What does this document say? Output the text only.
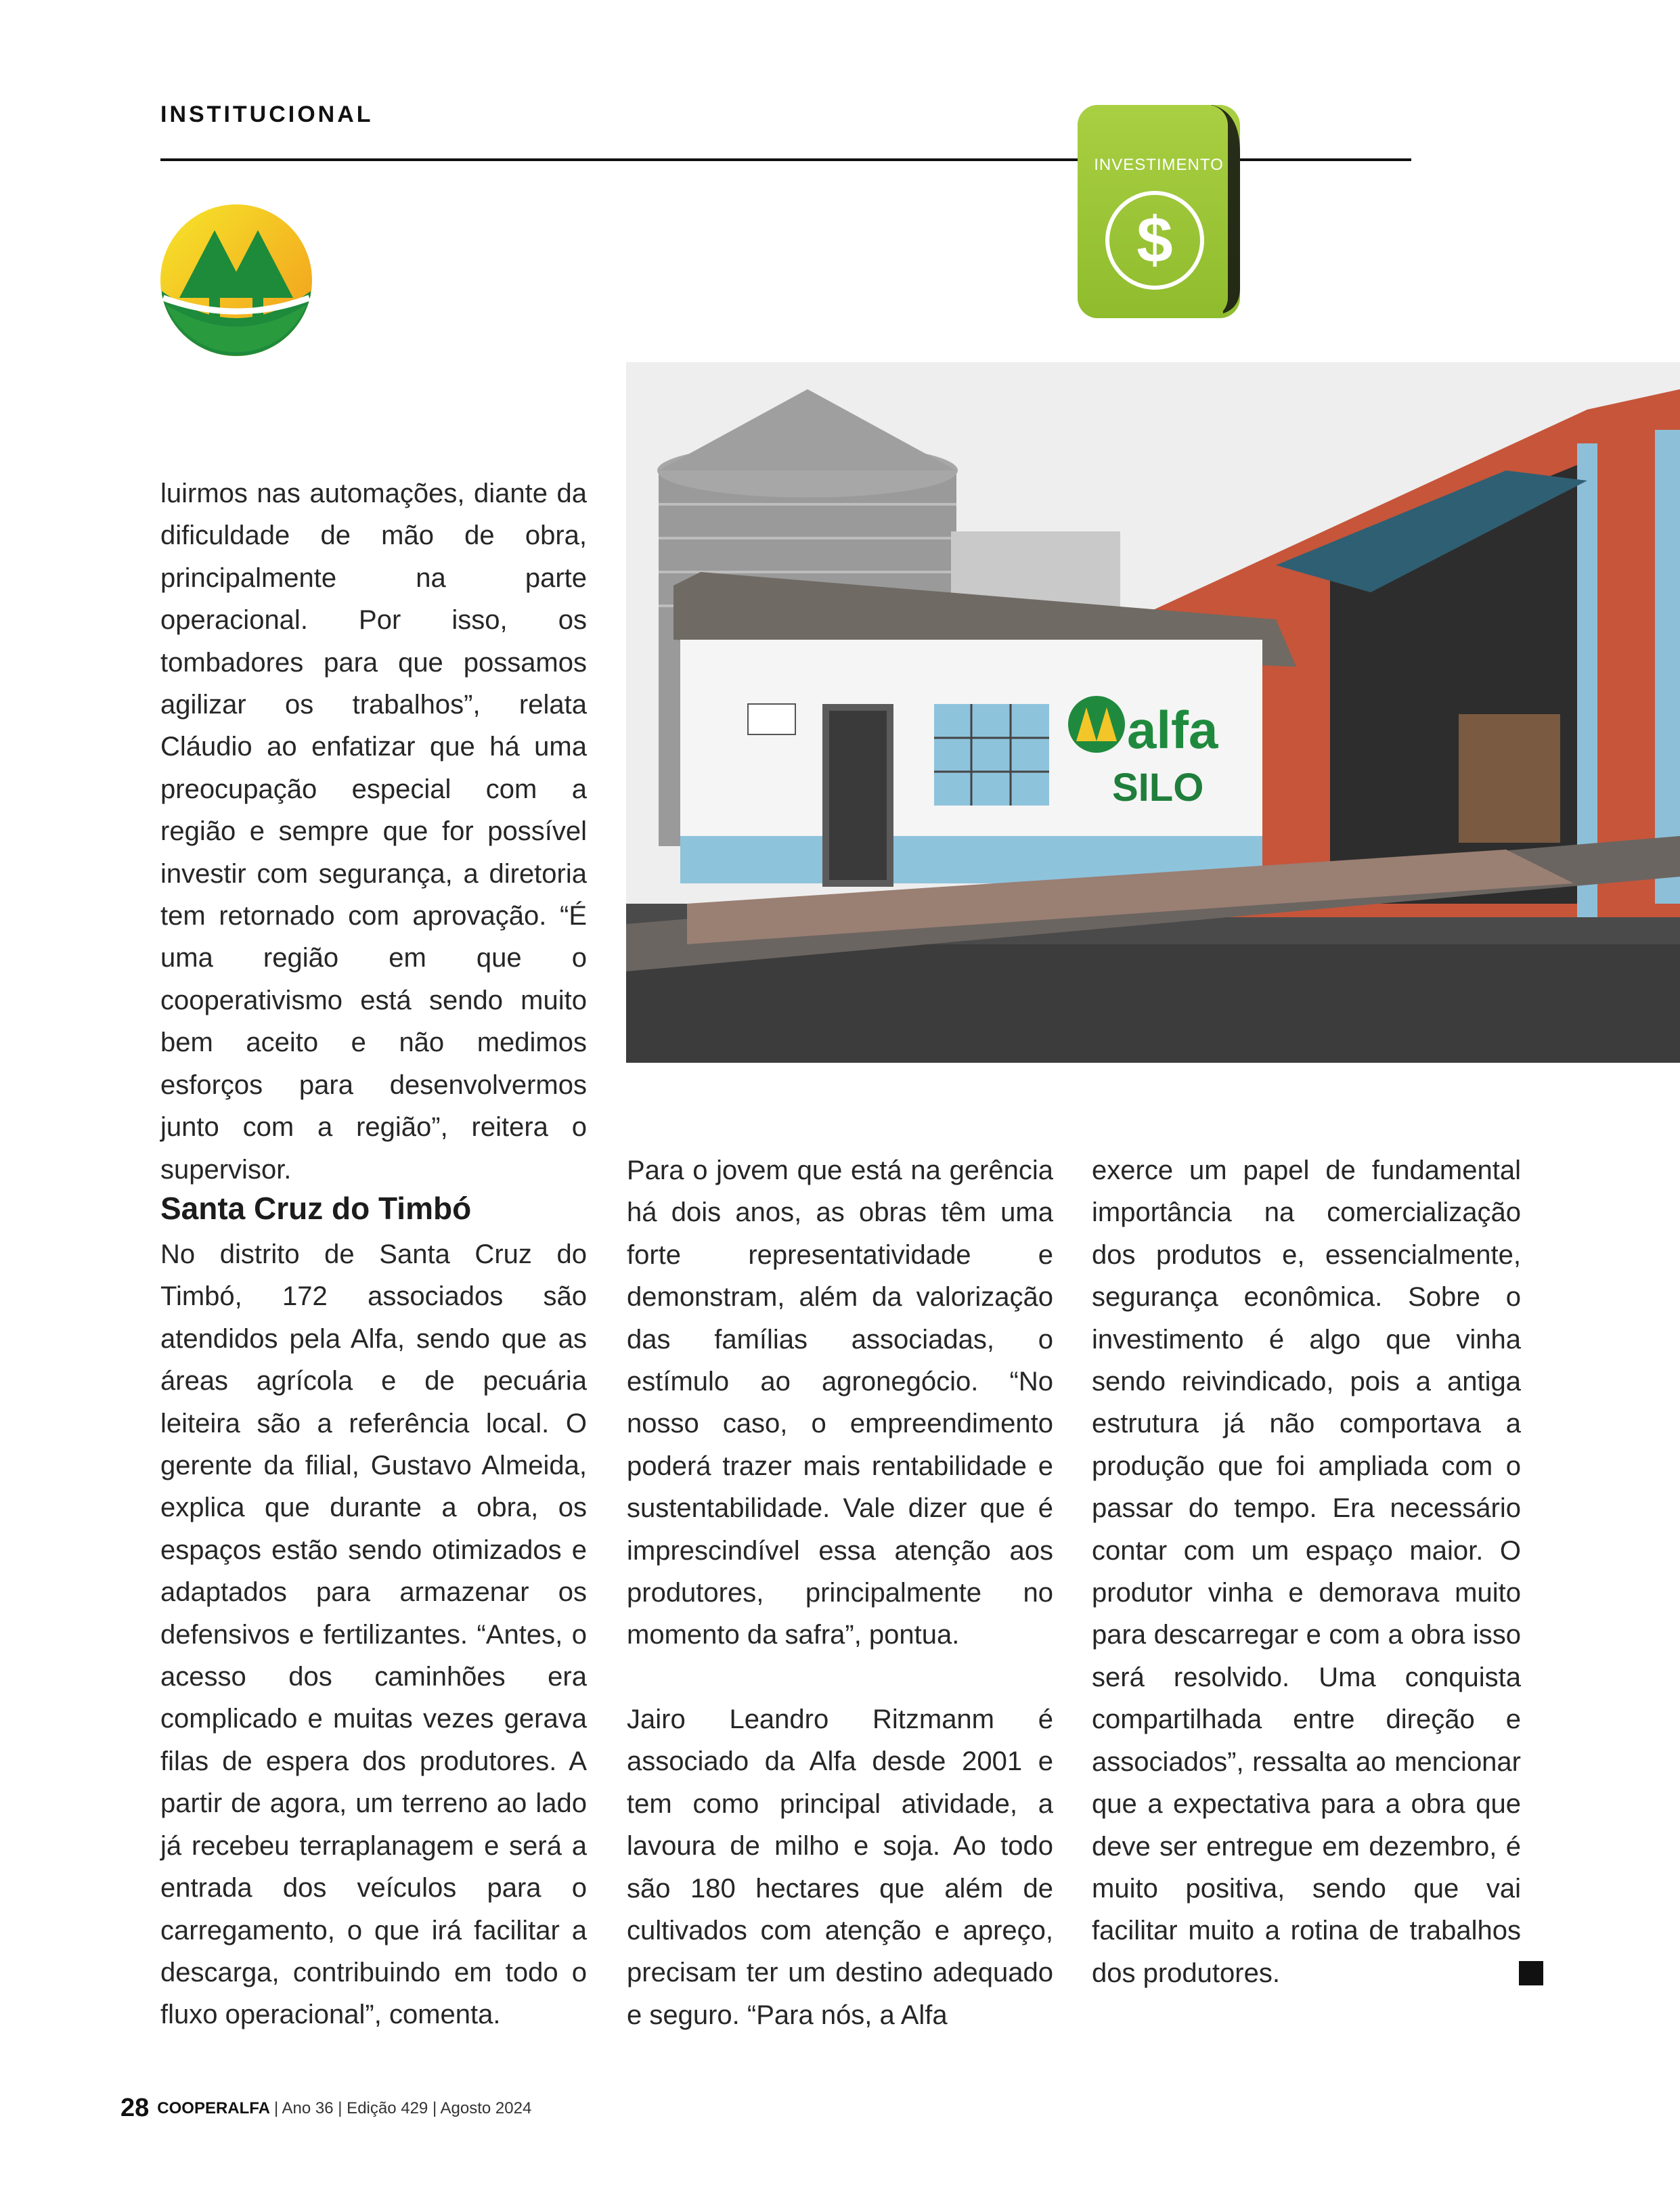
INSTITUCIONAL
$
INVESTIMENTO
alfa
SILO

luirmos nas automações, diante da dificuldade de mão de obra, principalmente na parte operacional. Por isso, os tombadores para que possamos agilizar os trabalhos”, relata Cláudio ao enfatizar que há uma preocupação especial com a região e sempre que for possível investir com segurança, a diretoria tem retornado com aprovação. “É uma região em que o cooperativismo está sendo muito bem aceito e não medimos esforços para desenvolvermos junto com a região”, reitera o supervisor.

Santa Cruz do Timbó

No distrito de Santa Cruz do Timbó, 172 associados são atendidos pela Alfa, sendo que as áreas agrícola e de pecuária leiteira são a referência local. O gerente da filial, Gustavo Almeida, explica que durante a obra, os espaços estão sendo otimizados e adaptados para armazenar os defensivos e fertilizantes. “Antes, o acesso dos caminhões era complicado e muitas vezes gerava filas de espera dos produtores. A partir de agora, um terreno ao lado já recebeu terraplanagem e será a entrada dos veículos para o carregamento, o que irá facilitar a descarga, contribuindo em todo o fluxo operacional”, comenta.

Para o jovem que está na gerência há dois anos, as obras têm uma forte representatividade e demonstram, além da valorização das famílias associadas, o estímulo ao agronegócio. “No nosso caso, o empreendimento poderá trazer mais rentabilidade e sustentabilidade. Vale dizer que é imprescindível essa atenção aos produtores, principalmente no momento da safra”, pontua.

Jairo Leandro Ritzmanm é associado da Alfa desde 2001 e tem como principal atividade, a lavoura de milho e soja. Ao todo são 180 hectares que além de cultivados com atenção e apreço, precisam ter um destino adequado e seguro. “Para nós, a Alfa

exerce um papel de fundamental importância na comercialização dos produtos e, essencialmente, segurança econômica. Sobre o investimento é algo que vinha sendo reivindicado, pois a antiga estrutura já não comportava a produção que foi ampliada com o passar do tempo. Era necessário contar com um espaço maior. O produtor vinha e demorava muito para descarregar e com a obra isso será resolvido. Uma conquista compartilhada entre direção e associados”, ressalta ao mencionar que a expectativa para a obra que deve ser entregue em dezembro, é muito positiva, sendo que vai facilitar muito a rotina de trabalhos dos produtores.

28 COOPERALFA | Ano 36 | Edição 429 | Agosto 2024
